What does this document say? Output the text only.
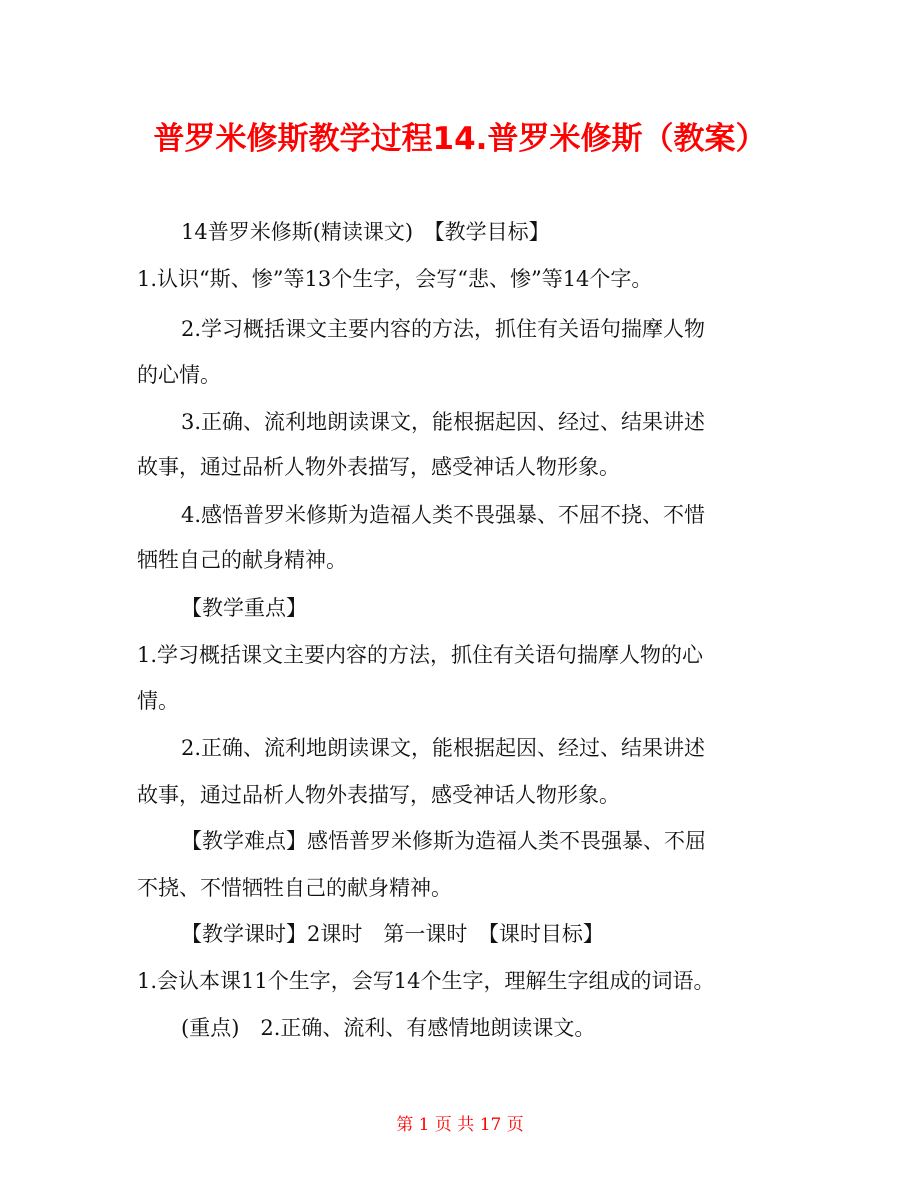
普罗米修斯教学过程14.普罗米修斯（教案）
14普罗米修斯(精读课文)　【教学目标】
1.认识“斯、惨”等13个生字，会写“悲、惨”等14个字。
2.学习概括课文主要内容的方法，抓住有关语句揣摩人物
的心情。
3.正确、流利地朗读课文，能根据起因、经过、结果讲述
故事，通过品析人物外表描写，感受神话人物形象。
4.感悟普罗米修斯为造福人类不畏强暴、不屈不挠、不惜
牺牲自己的献身精神。
【教学重点】
1.学习概括课文主要内容的方法，抓住有关语句揣摩人物的心
情。
2.正确、流利地朗读课文，能根据起因、经过、结果讲述
故事，通过品析人物外表描写，感受神话人物形象。
【教学难点】感悟普罗米修斯为造福人类不畏强暴、不屈
不挠、不惜牺牲自己的献身精神。
【教学课时】2课时　第一课时　【课时目标】
1.会认本课11个生字，会写14个生字，理解生字组成的词语。
(重点)　2.正确、流利、有感情地朗读课文。
第 1 页 共 17 页
